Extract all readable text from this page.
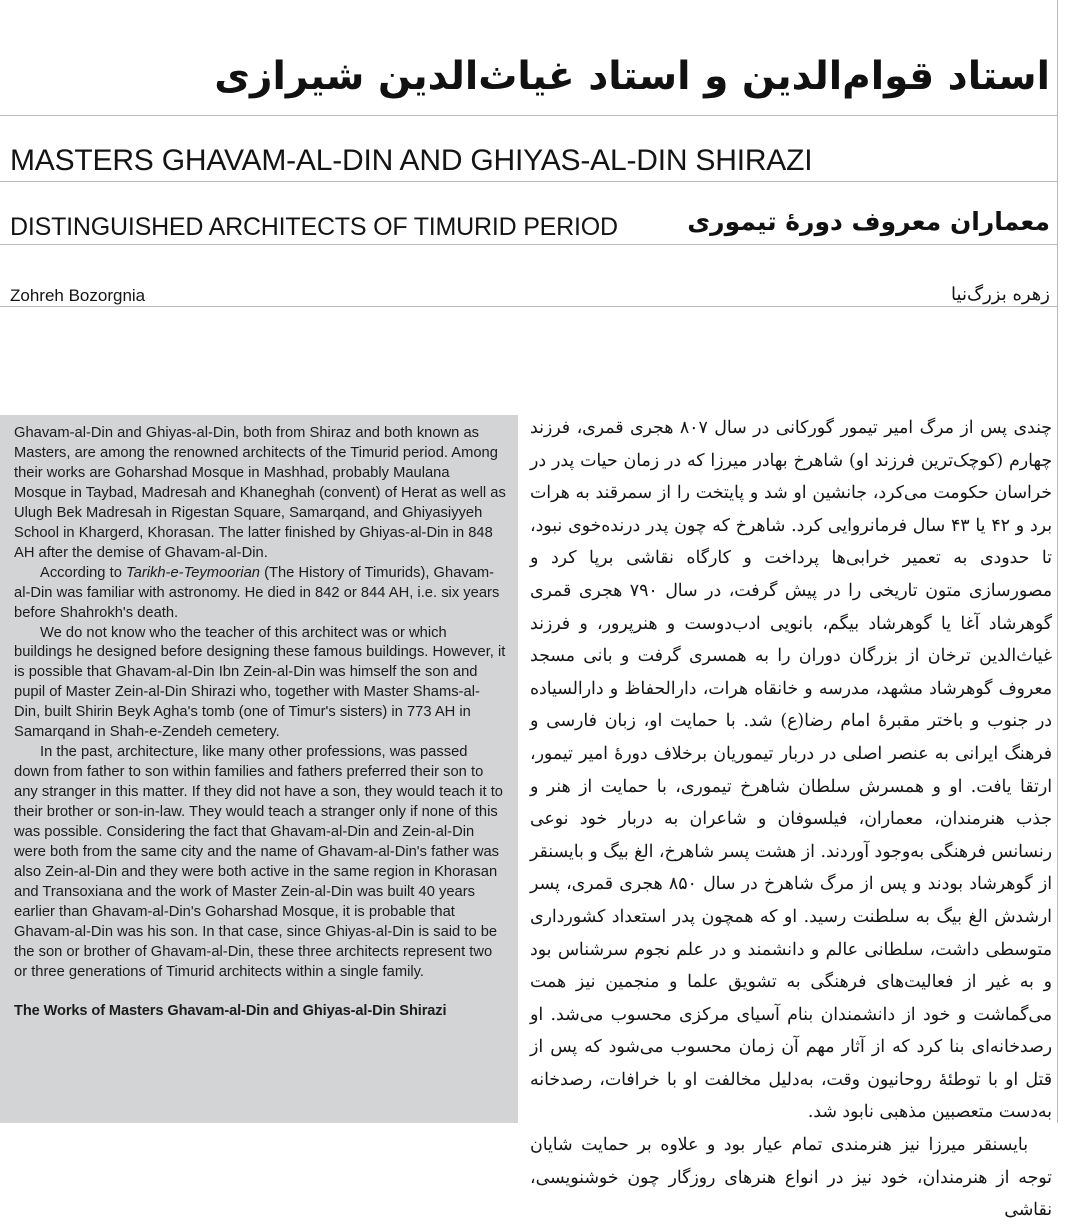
استاد قوام‌الدین و استاد غیاث‌الدین شیرازی
MASTERS GHAVAM-AL-DIN AND GHIYAS-AL-DIN SHIRAZI
DISTINGUISHED ARCHITECTS OF TIMURID PERIOD	معماران معروف دورهٔ تیموری
Zohreh Bozorgnia	زهره بزرگ‌نیا

Ghavam-al-Din and Ghiyas-al-Din, both from Shiraz and both known as Masters, are among the renowned architects of the Timurid period. Among their works are Goharshad Mosque in Mashhad, probably Maulana Mosque in Taybad, Madresah and Khaneghah (convent) of Herat as well as Ulugh Bek Madresah in Rigestan Square, Samarqand, and Ghiyasiyyeh School in Khargerd, Khorasan. The latter finished by Ghiyas-al-Din in 848 AH after the demise of Ghavam-al-Din.

According to Tarikh-e-Teymoorian (The History of Timurids), Ghavam-al-Din was familiar with astronomy. He died in 842 or 844 AH, i.e. six years before Shahrokh's death.

We do not know who the teacher of this architect was or which buildings he designed before designing these famous buildings. However, it is possible that Ghavam-al-Din Ibn Zein-al-Din was himself the son and pupil of Master Zein-al-Din Shirazi who, together with Master Shams-al-Din, built Shirin Beyk Agha's tomb (one of Timur's sisters) in 773 AH in Samarqand in Shah-e-Zendeh cemetery.

In the past, architecture, like many other professions, was passed down from father to son within families and fathers preferred their son to any stranger in this matter. If they did not have a son, they would teach it to their brother or son-in-law. They would teach a stranger only if none of this was possible. Considering the fact that Ghavam-al-Din and Zein-al-Din were both from the same city and the name of Ghavam-al-Din's father was also Zein-al-Din and they were both active in the same region in Khorasan and Transoxiana and the work of Master Zein-al-Din was built 40 years earlier than Ghavam-al-Din's Goharshad Mosque, it is probable that Ghavam-al-Din was his son. In that case, since Ghiyas-al-Din is said to be the son or brother of Ghavam-al-Din, these three architects represent two or three generations of Timurid architects within a single family.

The Works of Masters Ghavam-al-Din and Ghiyas-al-Din Shirazi

چندی پس از مرگ امیر تیمور گورکانی در سال ۸۰۷ هجری قمری، فرزند چهارم (کوچک‌ترین فرزند او) شاهرخ بهادر میرزا که در زمان حیات پدر در خراسان حکومت می‌کرد، جانشین او شد و پایتخت را از سمرقند به هرات برد و ۴۲ یا ۴۳ سال فرمانروایی کرد. شاهرخ که چون پدر درنده‌خوی نبود، تا حدودی به تعمیر خرابی‌ها پرداخت و کارگاه نقاشی برپا کرد و مصورسازی متون تاریخی را در پیش گرفت، در سال ۷۹۰ هجری قمری گوهرشاد آغا یا گوهرشاد بیگم، بانویی ادب‌دوست و هنرپرور، و فرزند غیاث‌الدین ترخان از بزرگان دوران را به همسری گرفت و بانی مسجد معروف گوهرشاد مشهد، مدرسه و خانقاه هرات، دارالحفاظ و دارالسیاده در جنوب و باختر مقبرهٔ امام رضا(ع) شد. با حمایت او، زبان فارسی و فرهنگ ایرانی به عنصر اصلی در دربار تیموریان برخلاف دورهٔ امیر تیمور، ارتقا یافت. او و همسرش سلطان شاهرخ تیموری، با حمایت از هنر و جذب هنرمندان، معماران، فیلسوفان و شاعران به دربار خود نوعی رنسانس فرهنگی به‌وجود آوردند. از هشت پسر شاهرخ، الغ بیگ و بایسنقر از گوهرشاد بودند و پس از مرگ شاهرخ در سال ۸۵۰ هجری قمری، پسر ارشدش الغ بیگ به سلطنت رسید. او که همچون پدر استعداد کشورداری متوسطی داشت، سلطانی عالم و دانشمند و در علم نجوم سرشناس بود و به غیر از فعالیت‌های فرهنگی به تشویق علما و منجمین نیز همت می‌گماشت و خود از دانشمندان بنام آسیای مرکزی محسوب می‌شد. او رصدخانه‌ای بنا کرد که از آثار مهم آن زمان محسوب می‌شود که پس از قتل او با توطئهٔ روحانیون وقت، به‌دلیل مخالفت او با خرافات، رصدخانه به‌دست متعصبین مذهبی نابود شد.

بایسنقر میرزا نیز هنرمندی تمام عیار بود و علاوه بر حمایت شایان توجه از هنرمندان، خود نیز در انواع هنرهای روزگار چون خوشنویسی، نقاشی
